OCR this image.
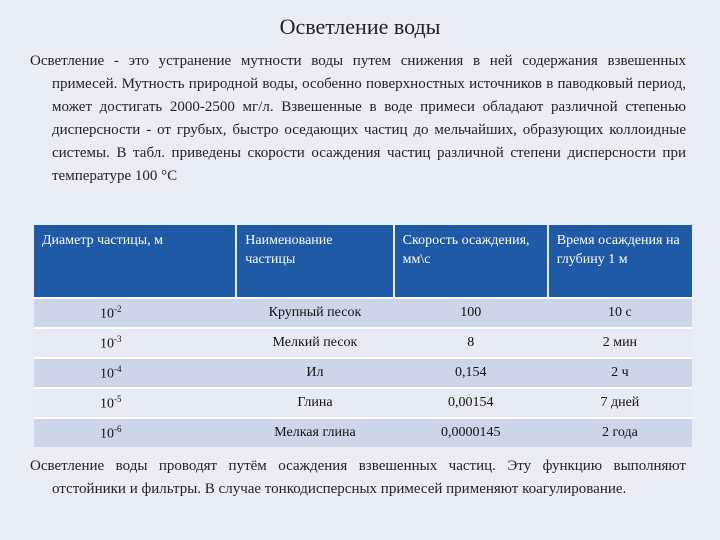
Осветление воды
Осветление - это устранение мутности воды путем снижения в ней содержания взвешенных примесей. Мутность природной воды, особенно поверхностных источников в паводковый период, может достигать 2000-2500 мг/л. Взвешенные в воде примеси обладают различной степенью дисперсности - от грубых, быстро оседающих частиц до мельчайших, образующих коллоидные системы. В табл. приведены скорости осаждения частиц различной степени дисперсности при температуре 100 °С
Диаметр частицы, м	Наименование частицы	Скорость осаждения, мм\с	Время осаждения на глубину 1 м
$10^{-2}$	Крупный песок	100	10 с
$10^{-3}$	Мелкий песок	8	2 мин
$10^{-4}$	Ил	0,154	2 ч
$10^{-5}$	Глина	0,00154	7 дней
$10^{-6}$	Мелкая глина	0,0000145	2 года
Осветление воды проводят путём осаждения взвешенных частиц. Эту функцию выполняют отстойники и фильтры. В случае тонкодисперсных примесей применяют коагулирование.
